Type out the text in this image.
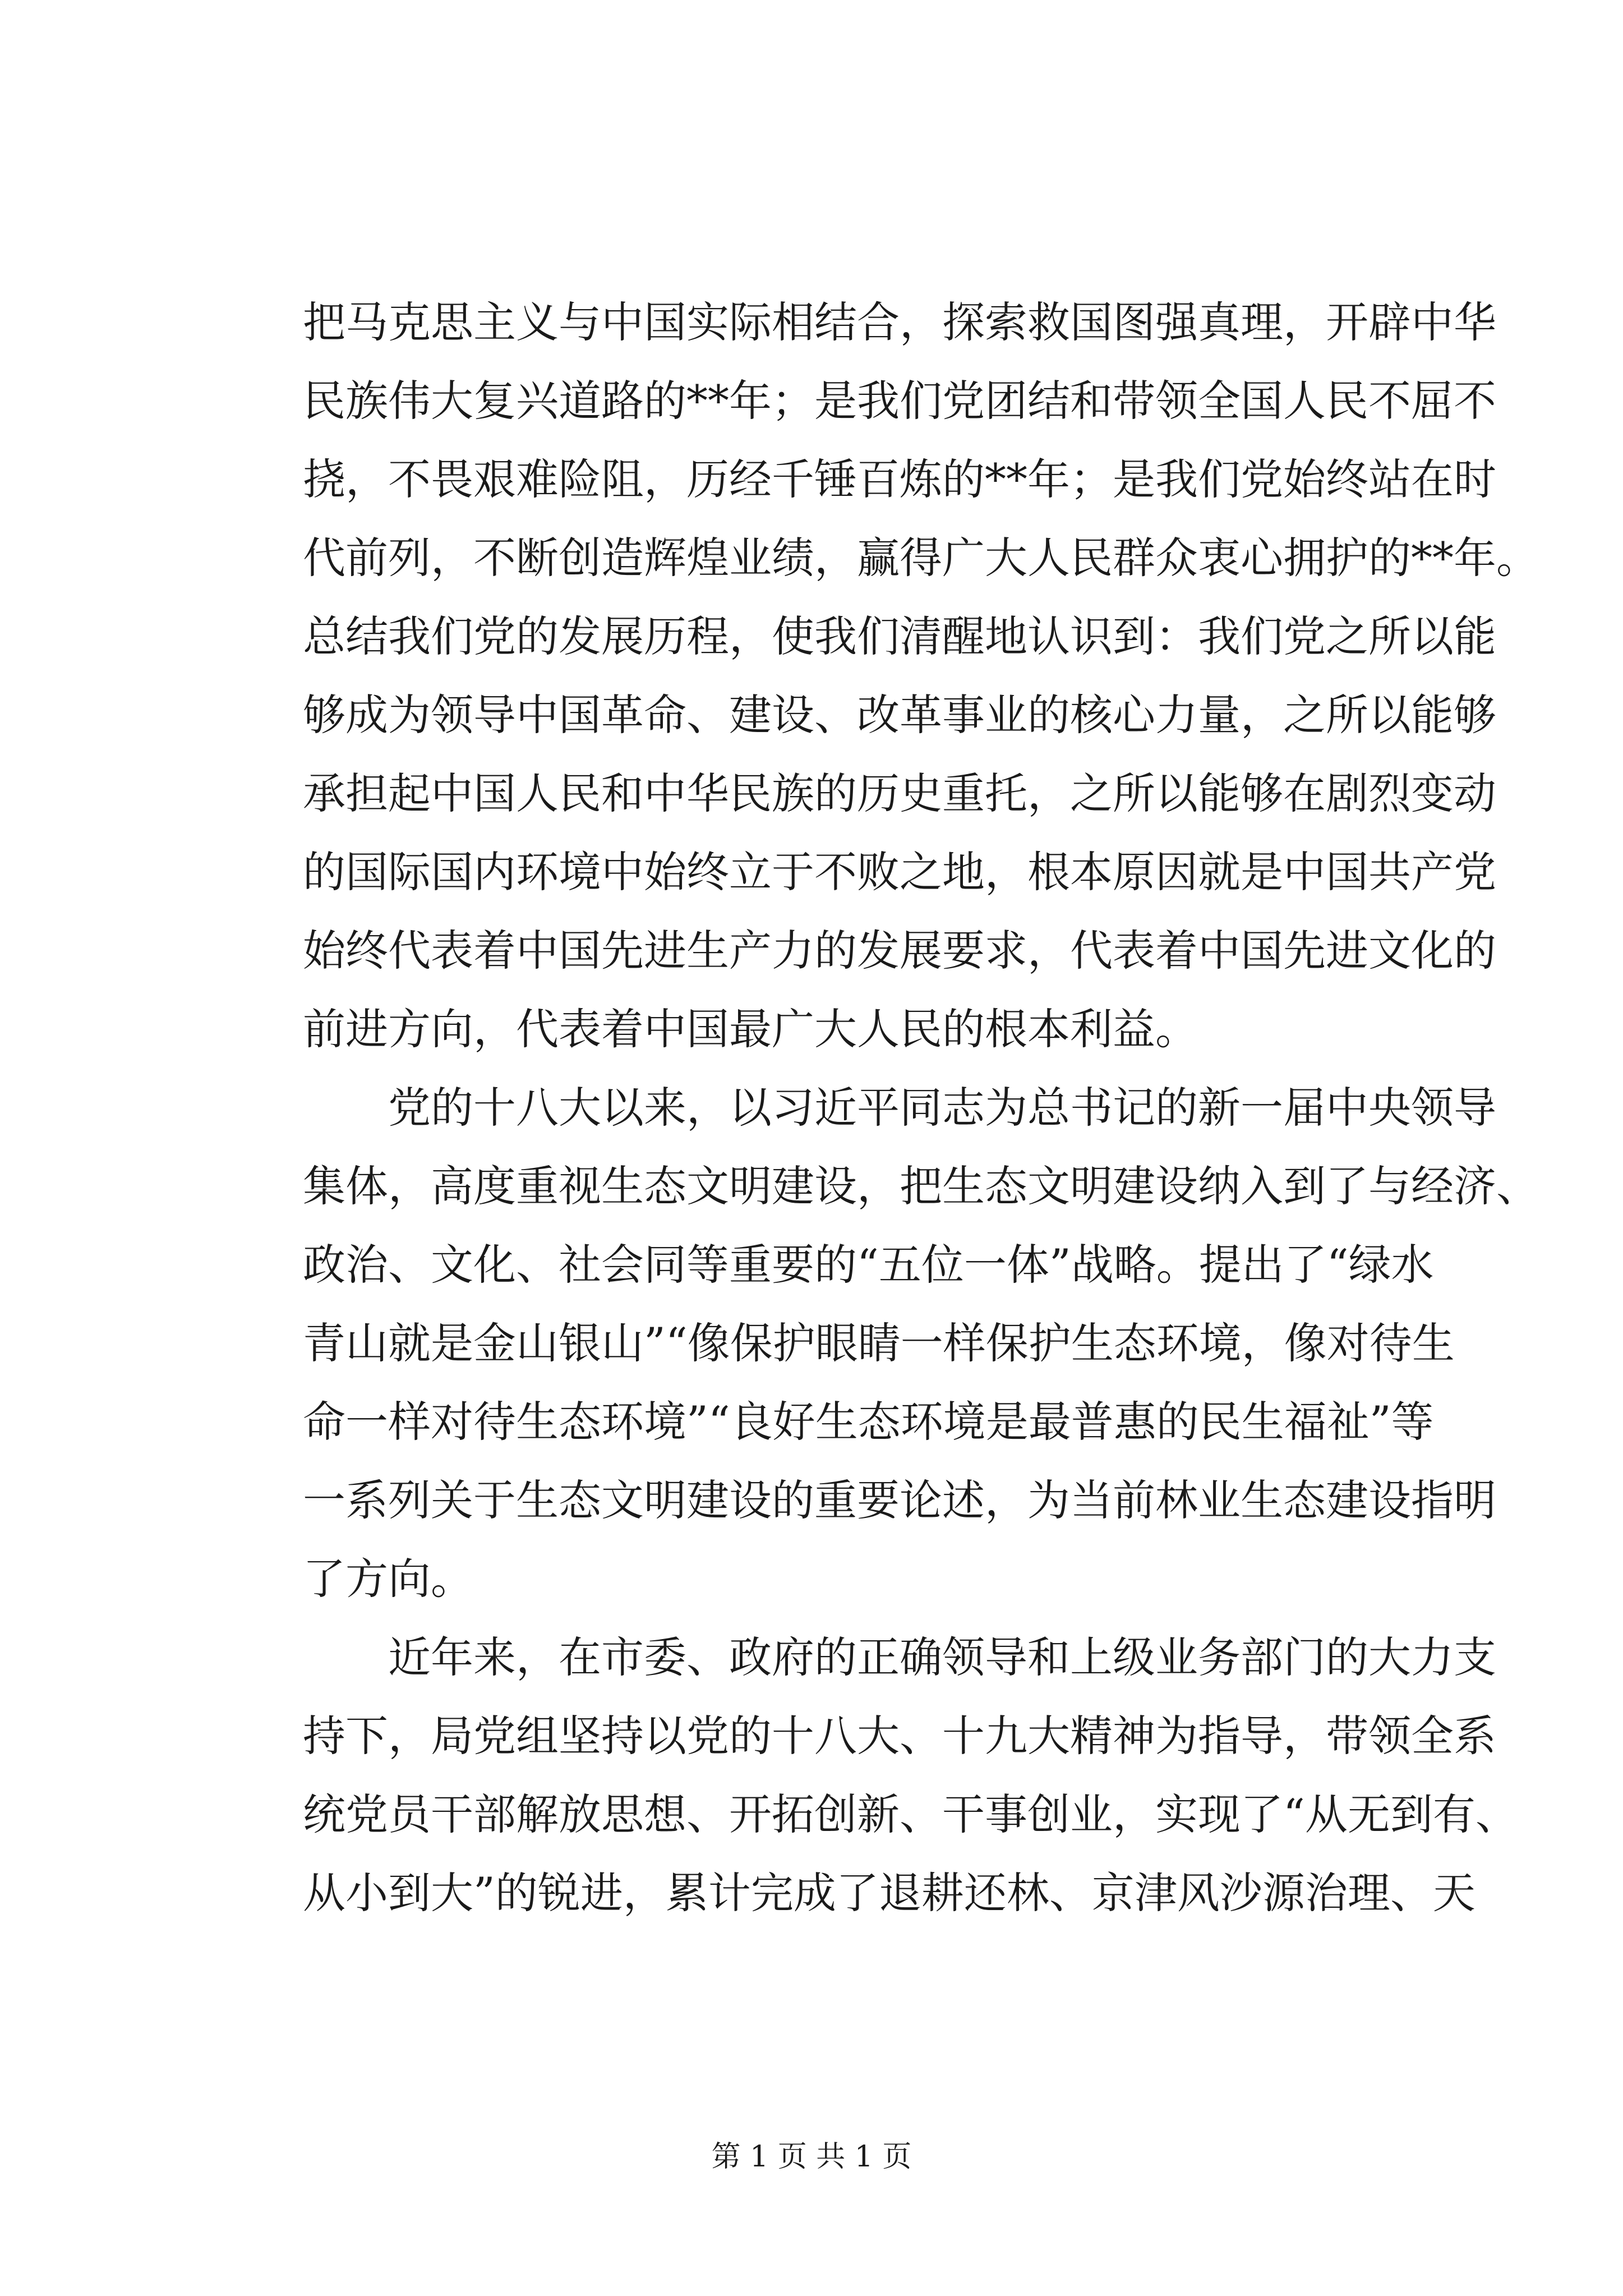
把马克思主义与中国实际相结合，探索救国图强真理，开辟中华
民族伟大复兴道路的**年；是我们党团结和带领全国人民不屈不
挠，不畏艰难险阻，历经千锤百炼的**年；是我们党始终站在时
代前列，不断创造辉煌业绩，赢得广大人民群众衷心拥护的**年。
总结我们党的发展历程，使我们清醒地认识到：我们党之所以能
够成为领导中国革命、建设、改革事业的核心力量，之所以能够
承担起中国人民和中华民族的历史重托，之所以能够在剧烈变动
的国际国内环境中始终立于不败之地，根本原因就是中国共产党
始终代表着中国先进生产力的发展要求，代表着中国先进文化的
前进方向，代表着中国最广大人民的根本利益。
党的十八大以来，以习近平同志为总书记的新一届中央领导
集体，高度重视生态文明建设，把生态文明建设纳入到了与经济、
政治、文化、社会同等重要的“五位一体”战略。提出了“绿水
青山就是金山银山”“像保护眼睛一样保护生态环境，像对待生
命一样对待生态环境”“良好生态环境是最普惠的民生福祉”等
一系列关于生态文明建设的重要论述，为当前林业生态建设指明
了方向。
近年来，在市委、政府的正确领导和上级业务部门的大力支
持下，局党组坚持以党的十八大、十九大精神为指导，带领全系
统党员干部解放思想、开拓创新、干事创业，实现了“从无到有、
从小到大”的锐进，累计完成了退耕还林、京津风沙源治理、天
第 1 页 共 1 页
